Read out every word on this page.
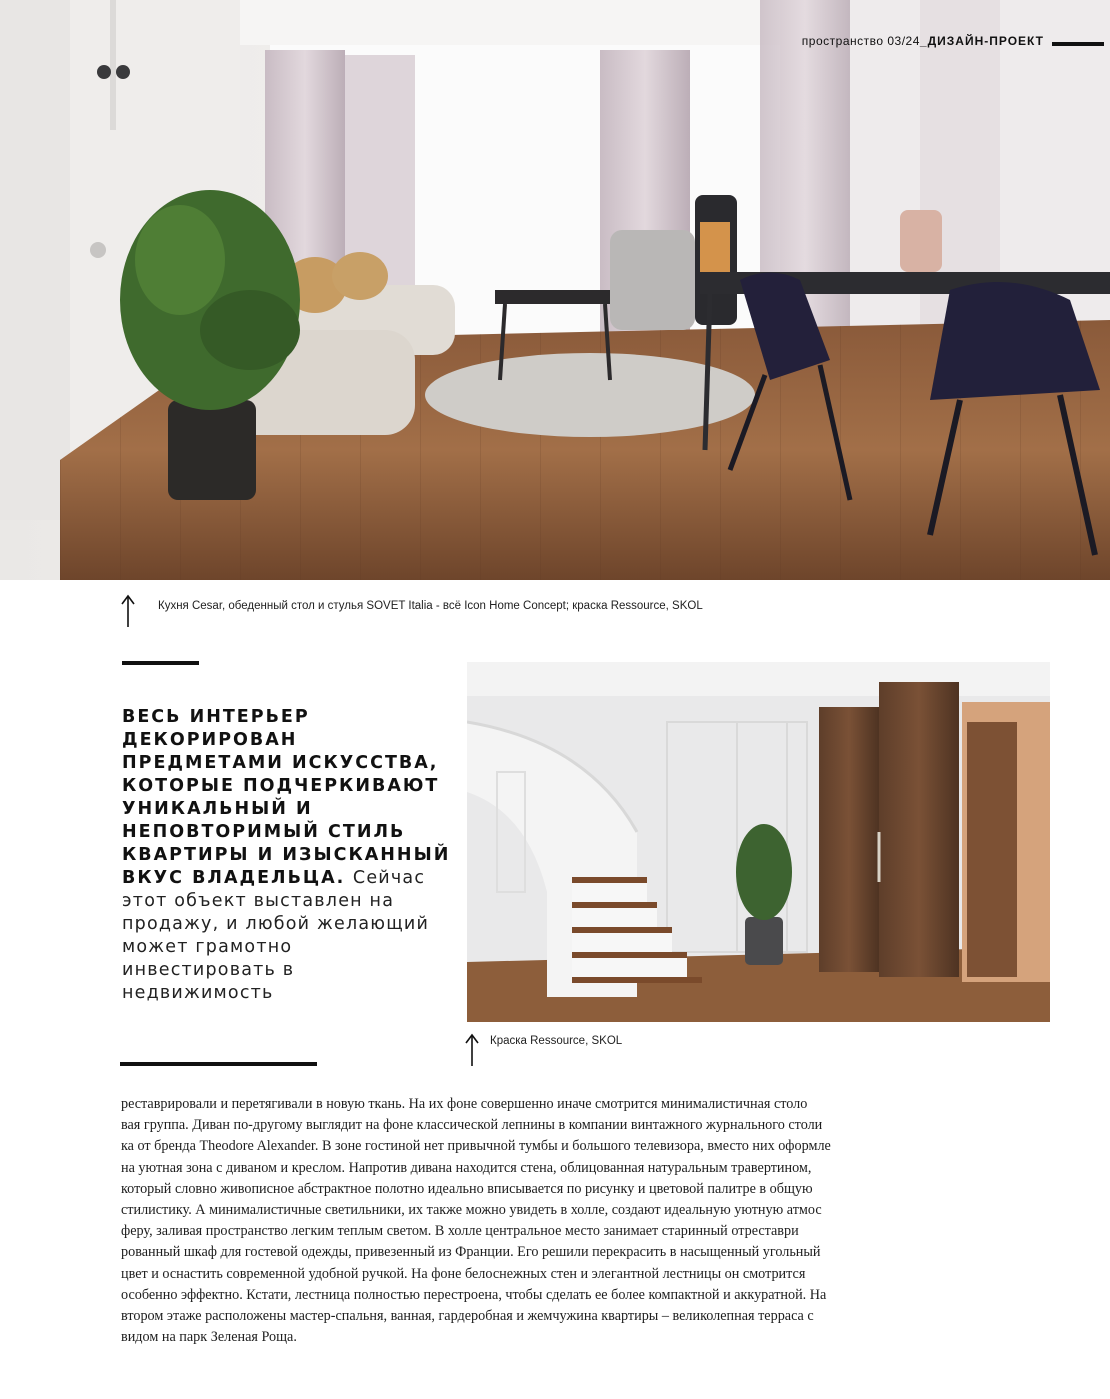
пространство 03/24_ДИЗАЙН-ПРОЕКТ
Кухня Cesar, обеденный стол и стулья SOVET Italia - всё Icon Home Concept; краска Ressource, SKOL
ВЕСЬ ИНТЕРЬЕР ДЕКОРИРОВАН ПРЕДМЕТАМИ ИСКУССТВА, КОТОРЫЕ ПОДЧЕРКИВАЮТ УНИКАЛЬНЫЙ И НЕПОВТОРИМЫЙ СТИЛЬ КВАРТИРЫ И ИЗЫСКАННЫЙ ВКУС ВЛАДЕЛЬЦА. Сейчас этот объект выставлен на продажу, и любой желающий может грамотно инвестировать в недвижимость
Краска Ressource, SKOL
реставрировали и перетягивали в новую ткань. На их фоне совершенно иначе смотрится минималистичная столо
вая группа. Диван по-другому выглядит на фоне классической лепнины в компании винтажного журнального столи
ка от бренда Theodore Alexander. В зоне гостиной нет привычной тумбы и большого телевизора, вместо них оформле
на уютная зона с диваном и креслом. Напротив дивана находится стена, облицованная натуральным травертином,
который словно живописное абстрактное полотно идеально вписывается по рисунку и цветовой палитре в общую
стилистику. А минималистичные светильники, их также можно увидеть в холле, создают идеальную уютную атмос
феру, заливая пространство легким теплым светом. В холле центральное место занимает старинный отреставри
рованный шкаф для гостевой одежды, привезенный из Франции. Его решили перекрасить в насыщенный угольный
цвет и оснастить современной удобной ручкой. На фоне белоснежных стен и элегантной лестницы он смотрится
особенно эффектно. Кстати, лестница полностью перестроена, чтобы сделать ее более компактной и аккуратной. На
втором этаже расположены мастер-спальня, ванная, гардеробная и жемчужина квартиры – великолепная терраса с
видом на парк Зеленая Роща.
